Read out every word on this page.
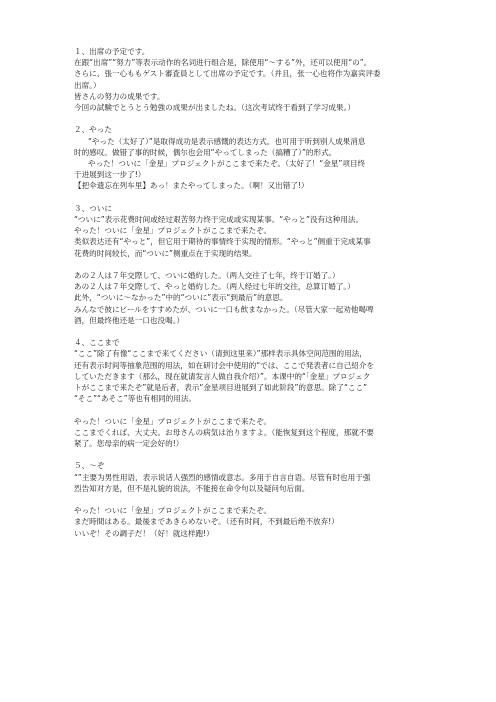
１、出席の予定です。
在跟“出席”“努力”等表示动作的名词进行组合是，除使用“～する”外，还可以使用“の”。
さらに、張一心ももゲスト審査員として出席の予定です。（并且，张一心也将作为嘉宾评委
出席。）
皆さんの努力の成果です。
今回の試験でとうとう勉強の成果が出ましたね。（这次考试终于看到了学习成果。）
２、やった
“やった（太好了）”是取得成功是表示感慨的表达方式。也可用于听到别人成果消息
时的感叹。做错了事的时候，偶尔也会用“やってしまった（搞糟了）”的形式。
やった！ついに「金星」プロジェクトがここまで来たぞ。（太好了！“金星”项目终
于进展到这一步了!）
【把伞遗忘在列车里】あっ！またやってしまった。（啊！又出错了!）
３、ついに
“ついに”表示花费时间或经过艰苦努力终于完成或实现某事。“やっと”没有这种用法。
やった！ついに「金星」プロジェクトがここまで来たぞ。
类似表达还有“やっと”，但它用于期待的事情终于实现的情形。“やっと”侧重于完成某事
花费的时间较长，而“ついに”侧重点在于实现的结果。
あの２人は７年交際して、ついに婚約した。（两人交往了七年，终于订婚了。）
あの２人は７年交際して、やっと婚約した。（两人经过七年的交往，总算订婚了。）
此外，“ついに～なかった”中的“ついに”表示“到最后”的意思。
みんなで彼にビールをすすめたが、ついに一口も飲まなかった。（尽管大家一起劝他喝啤
酒，但最终他还是一口也没喝。）
４、ここまで
“ここ”除了有像“ここまで来てください（请到这里来）”那样表示具体空间范围的用法，
还有表示时间等抽象范围的用法，如在研讨会中使用的“では、ここで発表者に自己紹介を
していただきます（那么，现在就请发言人做自我介绍）”。本课中的“「金星」プロジェク
トがここまで来たぞ”就是后者，表示“金星项目进展到了如此阶段”的意思。除了“ここ”
“そこ”“あそこ”等也有相同的用法。
やった！ついに「金星」プロジェクトがここまで来たぞ。
ここまでくれば、大丈夫。お母さんの病気は治りますよ。（能恢复到这个程度，那就不要
紧了。您母亲的病一定会好的!）
５、～ぞ
“”主要为男性用语，表示说话人强烈的感情或意志。多用于自言自语。尽管有时也用于强
烈告知对方是，但不是礼貌的说法，不能接在命令句以及疑问句后面。
やった！ついに「金星」プロジェクトがここまで来たぞ。
まだ時間はある。最後まであきらめないぞ。（还有时间，不到最后绝不放弃!）
いいぞ！その調子だ！（好！就这样跑!）
